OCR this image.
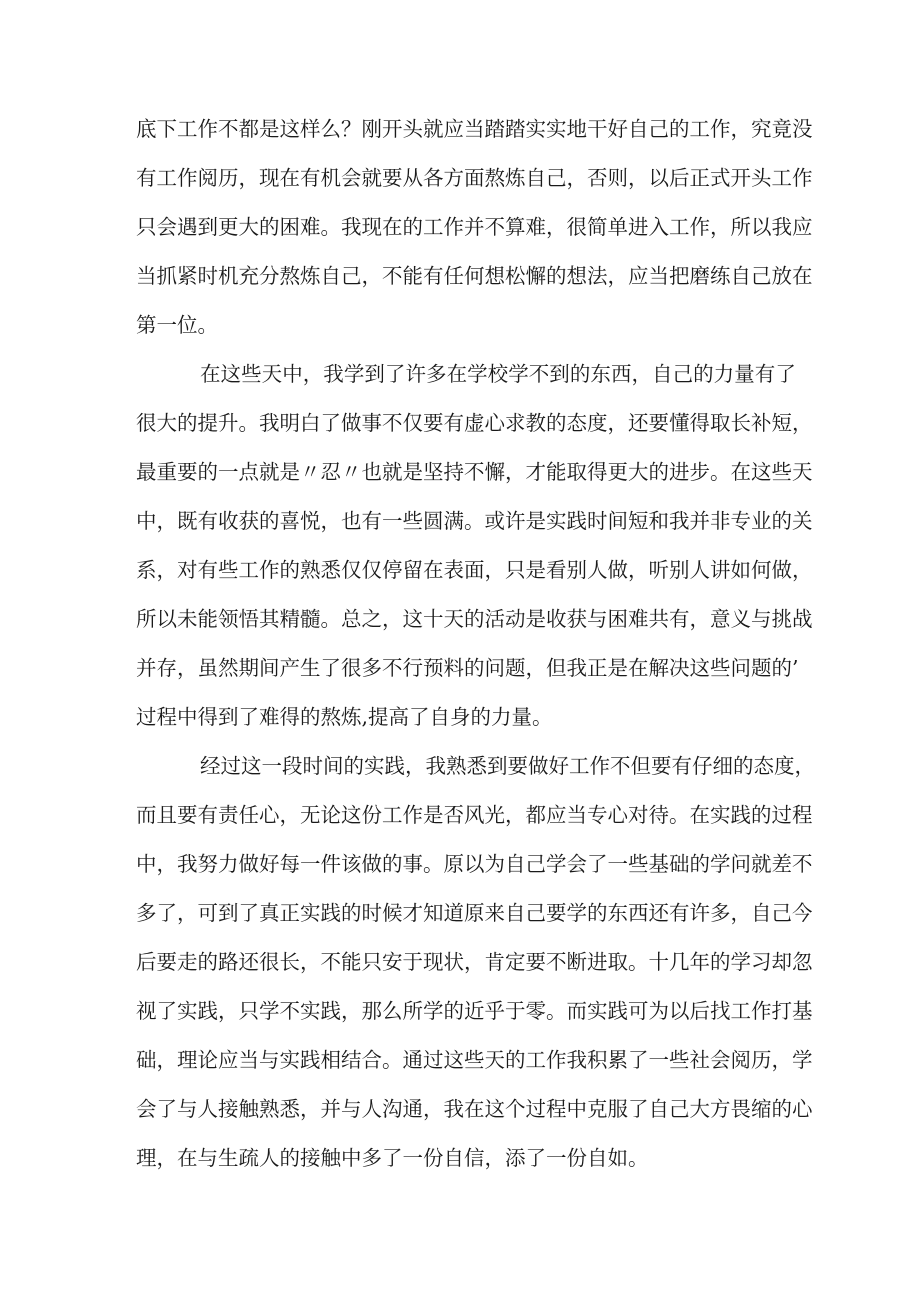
底 下 工 作 不 都 是 这 样 么 ？ 刚 开 头 就 应 当 踏 踏 实 实 地 干 好 自 己 的 工 作 ， 究 竟 没
有 工 作 阅 历 ， 现 在 有 机 会 就 要 从 各 方 面 熬 炼 自 己 ， 否 则 ， 以 后 正 式 开 头 工 作
只 会 遇 到 更 大 的 困 难 。 我 现 在 的 工 作 并 不 算 难 ， 很 简 单 进 入 工 作 ， 所 以 我 应
当 抓 紧 时 机 充 分 熬 炼 自 己 ， 不 能 有 任 何 想 松 懈 的 想 法 ， 应 当 把 磨 练 自 己 放 在
第一位。
在 这 些 天 中 ， 我 学 到 了 许 多 在 学 校 学 不 到 的 东 西 ， 自 己 的 力 量 有 了
很 大 的 提 升 。 我 明 白 了 做 事 不 仅 要 有 虚 心 求 教 的 态 度 ， 还 要 懂 得 取 长 补 短 ，
最 重 要 的 一 点 就 是 〃 忍 〃 也 就 是 坚 持 不 懈 ， 才 能 取 得 更 大 的 进 步 。 在 这 些 天
中 ， 既 有 收 获 的 喜 悦 ， 也 有 一 些 圆 满 。 或 许 是 实 践 时 间 短 和 我 并 非 专 业 的 关
系 ， 对 有 些 工 作 的 熟 悉 仅 仅 停 留 在 表 面 ， 只 是 看 别 人 做 ， 听 别 人 讲 如 何 做 ，
所 以 未 能 领 悟 其 精 髓 。 总 之 ， 这 十 天 的 活 动 是 收 获 与 困 难 共 有 ， 意 义 与 挑 战
并 存 ， 虽 然 期 间 产 生 了 很 多 不 行 预 料 的 问 题 ， 但 我 正 是 在 解 决 这 些 问 题 的 ’
过程中得到了难得的熬炼,提高了自身的力量。
经 过 这 一 段 时 间 的 实 践 ， 我 熟 悉 到 要 做 好 工 作 不 但 要 有 仔 细 的 态 度 ，
而 且 要 有 责 任 心 ， 无 论 这 份 工 作 是 否 风 光 ， 都 应 当 专 心 对 待 。 在 实 践 的 过 程
中 ， 我 努 力 做 好 每 一 件 该 做 的 事 。 原 以 为 自 己 学 会 了 一 些 基 础 的 学 问 就 差 不
多 了 ， 可 到 了 真 正 实 践 的 时 候 才 知 道 原 来 自 己 要 学 的 东 西 还 有 许 多 ， 自 己 今
后 要 走 的 路 还 很 长 ， 不 能 只 安 于 现 状 ， 肯 定 要 不 断 进 取 。 十 几 年 的 学 习 却 忽
视 了 实 践 ， 只 学 不 实 践 ， 那 么 所 学 的 近 乎 于 零 。 而 实 践 可 为 以 后 找 工 作 打 基
础 ， 理 论 应 当 与 实 践 相 结 合 。 通 过 这 些 天 的 工 作 我 积 累 了 一 些 社 会 阅 历 ， 学
会 了 与 人 接 触 熟 悉 ， 并 与 人 沟 通 ， 我 在 这 个 过 程 中 克 服 了 自 己 大 方 畏 缩 的 心
理，在与生疏人的接触中多了一份自信，添了一份自如。
